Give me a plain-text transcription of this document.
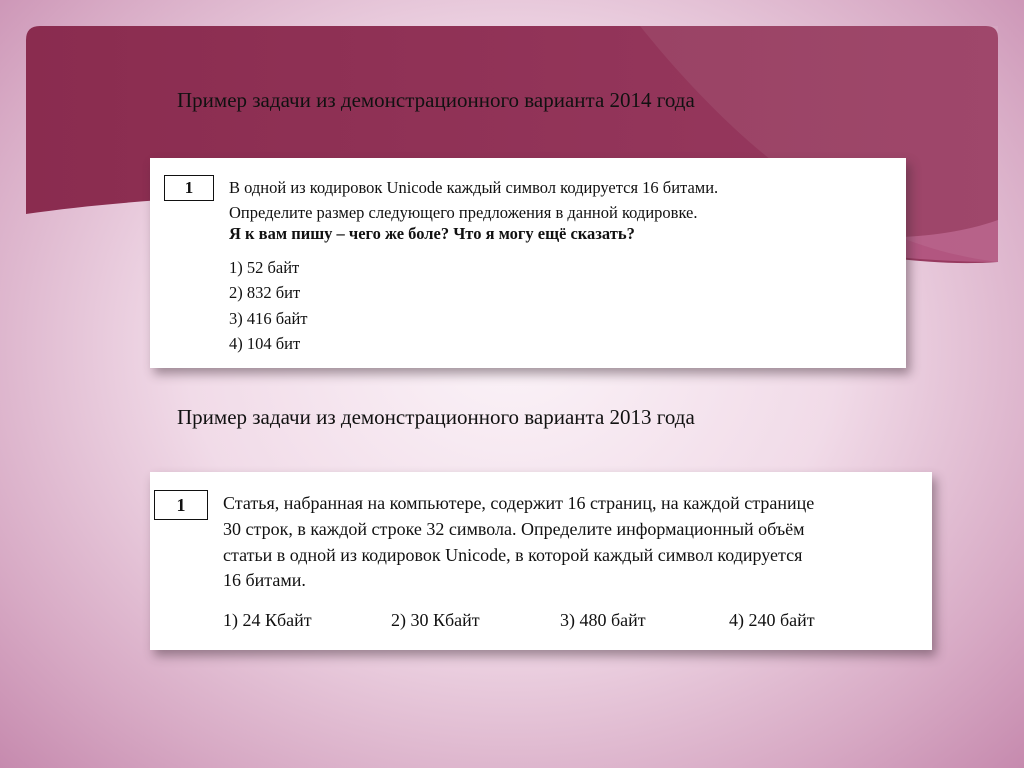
Пример задачи из демонстрационного варианта 2014 года
1	В одной из кодировок Unicode каждый символ кодируется 16 битами.
Определите размер следующего предложения в данной кодировке.
Я к вам пишу – чего же боле? Что я могу ещё сказать?
1) 52 байт
2) 832 бит
3) 416 байт
4) 104 бит
Пример задачи из демонстрационного варианта 2013 года
1	Статья, набранная на компьютере, содержит 16 страниц, на каждой странице
30 строк, в каждой строке 32 символа. Определите информационный объём
статьи в одной из кодировок Unicode, в которой каждый символ кодируется
16 битами.
1) 24 Кбайт	2) 30 Кбайт	3) 480 байт	4) 240 байт
